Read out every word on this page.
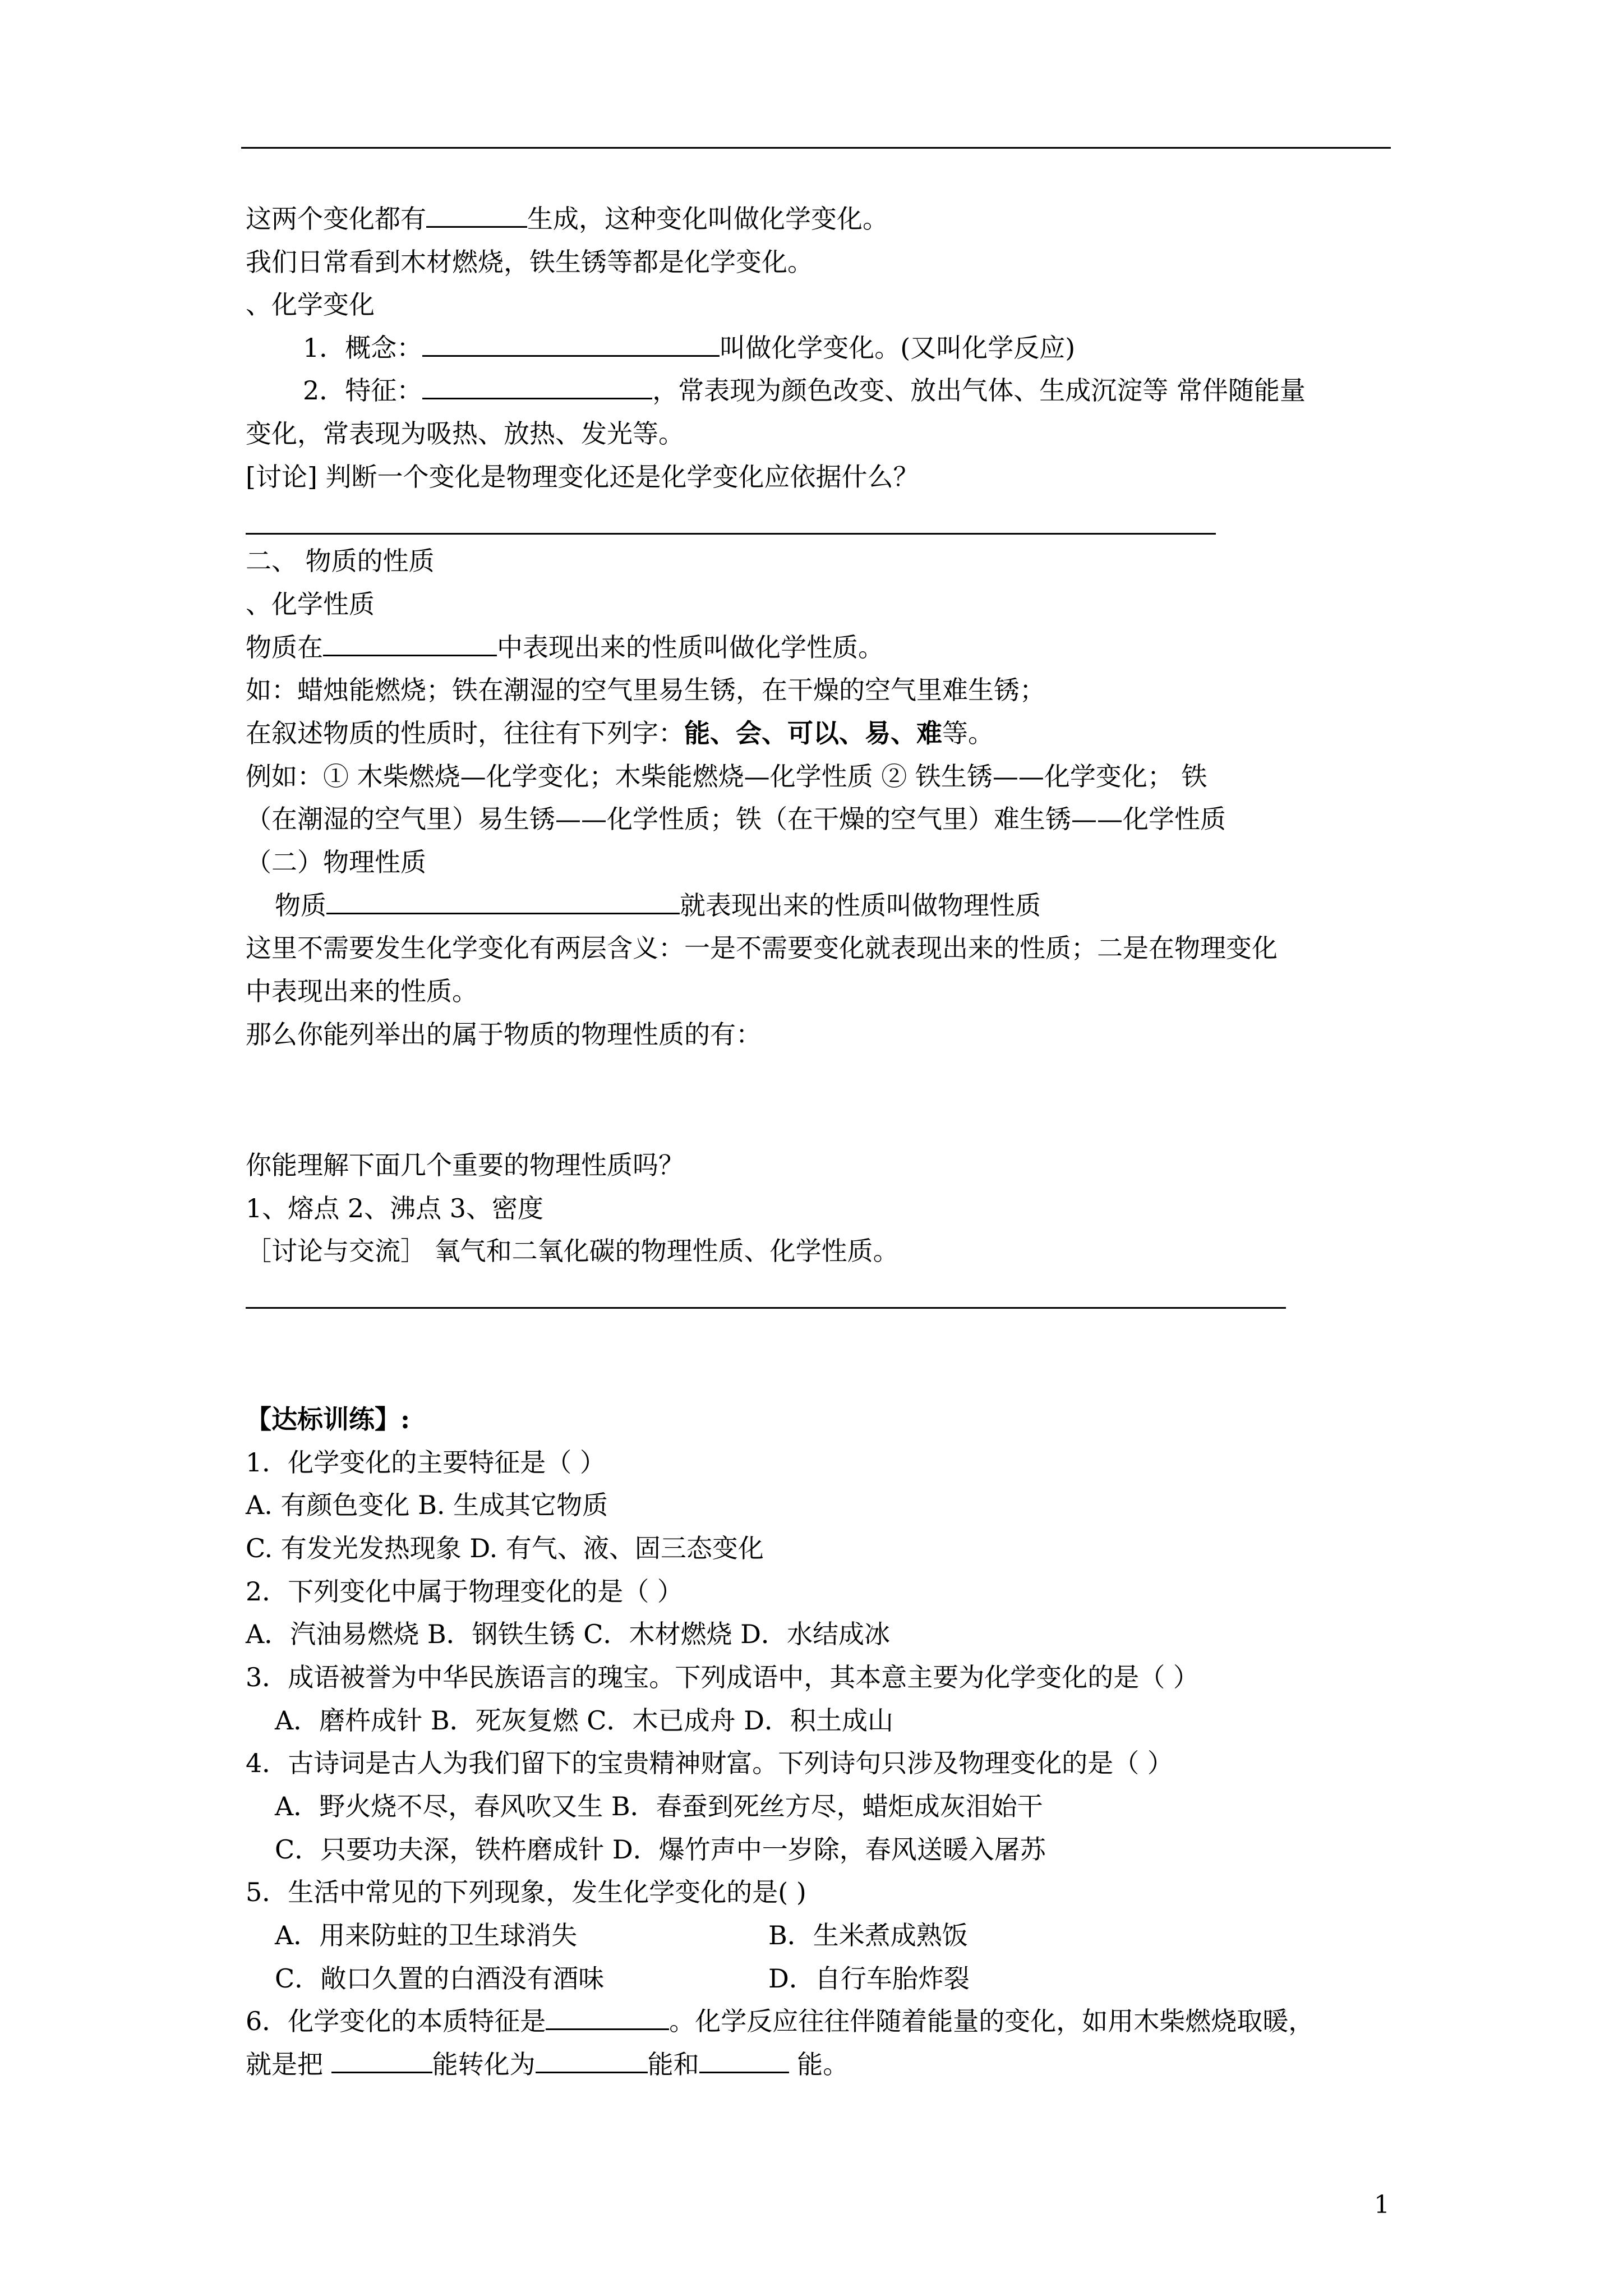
这两个变化都有	生成，这种变化叫做化学变化。
我们日常看到木材燃烧，铁生锈等都是化学变化。
、化学变化
1．概念：	叫做化学变化。(又叫化学反应)
2．特征：	，常表现为颜色改变、放出气体、生成沉淀等 常伴随能量
变化，常表现为吸热、放热、发光等。
[讨论] 判断一个变化是物理变化还是化学变化应依据什么？
二、 物质的性质
、化学性质
物质在	中表现出来的性质叫做化学性质。
如：蜡烛能燃烧；铁在潮湿的空气里易生锈，在干燥的空气里难生锈；
在叙述物质的性质时，往往有下列字：能、会、可以、易、难等。
例如：① 木柴燃烧—化学变化；木柴能燃烧—化学性质 ② 铁生锈——化学变化； 铁
（在潮湿的空气里）易生锈——化学性质；铁（在干燥的空气里）难生锈——化学性质
（二）物理性质
物质	就表现出来的性质叫做物理性质
这里不需要发生化学变化有两层含义：一是不需要变化就表现出来的性质；二是在物理变化
中表现出来的性质。
那么你能列举出的属于物质的物理性质的有：
你能理解下面几个重要的物理性质吗？
1、熔点 2、沸点 3、密度
［讨论与交流］ 氧气和二氧化碳的物理性质、化学性质。
【达标训练】:
1．化学变化的主要特征是（ ）
A. 有颜色变化 B. 生成其它物质
C. 有发光发热现象 D. 有气、液、固三态变化
2．下列变化中属于物理变化的是（ ）
A．汽油易燃烧 B．钢铁生锈 C．木材燃烧 D．水结成冰
3．成语被誉为中华民族语言的瑰宝。下列成语中，其本意主要为化学变化的是（ ）
A．磨杵成针 B．死灰复燃 C．木已成舟 D．积土成山
4．古诗词是古人为我们留下的宝贵精神财富。下列诗句只涉及物理变化的是（ ）
A．野火烧不尽，春风吹又生 B．春蚕到死丝方尽，蜡炬成灰泪始干
C．只要功夫深，铁杵磨成针 D．爆竹声中一岁除，春风送暖入屠苏
5．生活中常见的下列现象，发生化学变化的是( )
A．用来防蛀的卫生球消失	B．生米煮成熟饭
C．敞口久置的白酒没有酒味	D．自行车胎炸裂
6．化学变化的本质特征是	。化学反应往往伴随着能量的变化，如用木柴燃烧取暖，
就是把	能转化为	能和	能。
1
